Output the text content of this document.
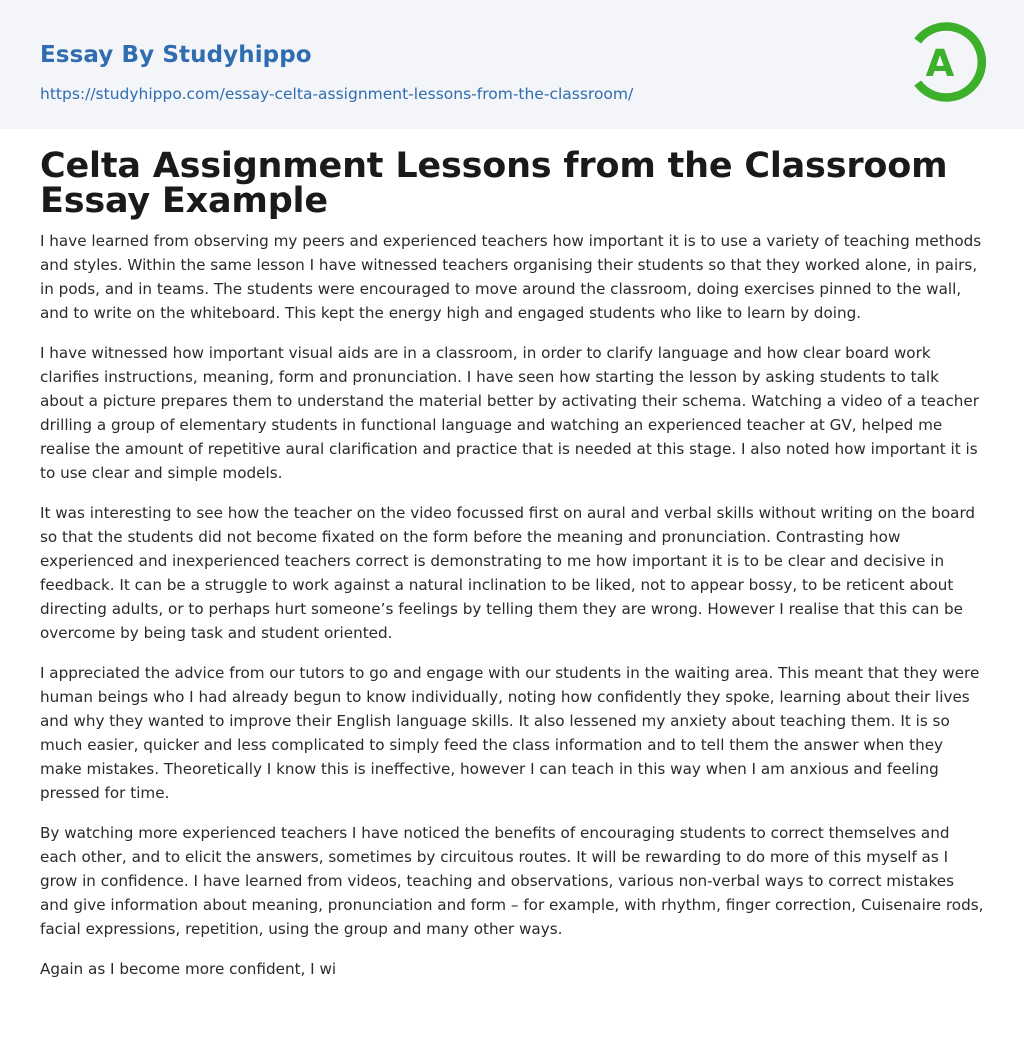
Essay By Studyhippo
https://studyhippo.com/essay-celta-assignment-lessons-from-the-classroom/
A
Celta Assignment Lessons from the Classroom Essay Example

I have learned from observing my peers and experienced teachers how important it is to use a variety of teaching methods and styles. Within the same lesson I have witnessed teachers organising their students so that they worked alone, in pairs, in pods, and in teams. The students were encouraged to move around the classroom, doing exercises pinned to the wall, and to write on the whiteboard. This kept the energy high and engaged students who like to learn by doing.

I have witnessed how important visual aids are in a classroom, in order to clarify language and how clear board work clarifies instructions, meaning, form and pronunciation. I have seen how starting the lesson by asking students to talk about a picture prepares them to understand the material better by activating their schema. Watching a video of a teacher drilling a group of elementary students in functional language and watching an experienced teacher at GV, helped me realise the amount of repetitive aural clarification and practice that is needed at this stage. I also noted how important it is to use clear and simple models.

It was interesting to see how the teacher on the video focussed first on aural and verbal skills without writing on the board so that the students did not become fixated on the form before the meaning and pronunciation. Contrasting how experienced and inexperienced teachers correct is demonstrating to me how important it is to be clear and decisive in feedback. It can be a struggle to work against a natural inclination to be liked, not to appear bossy, to be reticent about directing adults, or to perhaps hurt someone’s feelings by telling them they are wrong. However I realise that this can be overcome by being task and student oriented.

I appreciated the advice from our tutors to go and engage with our students in the waiting area. This meant that they were human beings who I had already begun to know individually, noting how confidently they spoke, learning about their lives and why they wanted to improve their English language skills. It also lessened my anxiety about teaching them. It is so much easier, quicker and less complicated to simply feed the class information and to tell them the answer when they make mistakes. Theoretically I know this is ineffective, however I can teach in this way when I am anxious and feeling pressed for time.

By watching more experienced teachers I have noticed the benefits of encouraging students to correct themselves and each other, and to elicit the answers, sometimes by circuitous routes. It will be rewarding to do more of this myself as I grow in confidence. I have learned from videos, teaching and observations, various non-verbal ways to correct mistakes and give information about meaning, pronunciation and form – for example, with rhythm, finger correction, Cuisenaire rods, facial expressions, repetition, using the group and many other ways.

Again as I become more confident, I wi
